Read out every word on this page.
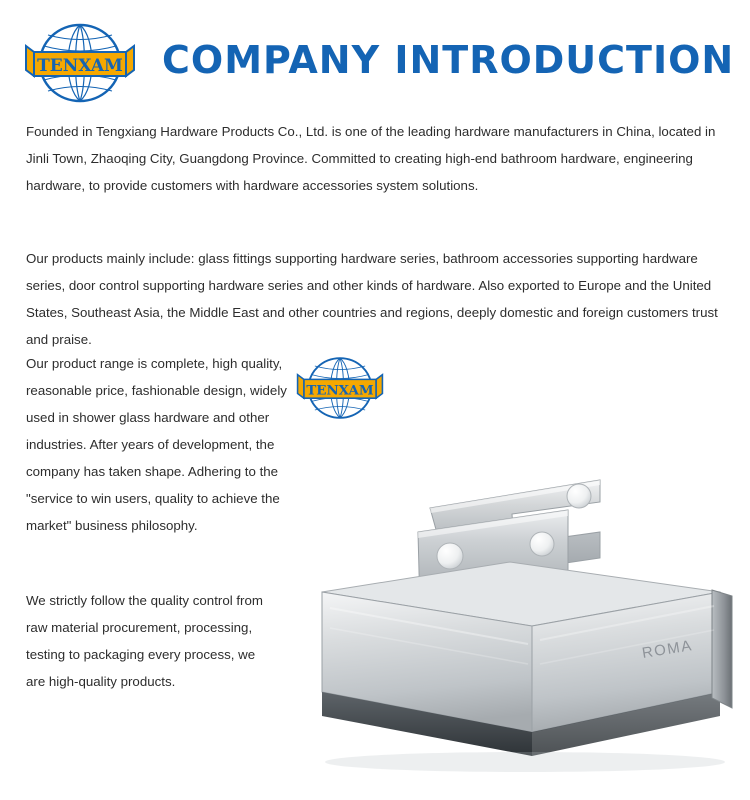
TENXAM COMPANY INTRODUCTION
Founded in Tengxiang Hardware Products Co., Ltd. is one of the leading hardware manufacturers in China, located in Jinli Town, Zhaoqing City, Guangdong Province. Committed to creating high-end bathroom hardware, engineering hardware, to provide customers with hardware accessories system solutions.
Our products mainly include: glass fittings supporting hardware series, bathroom accessories supporting hardware series, door control supporting hardware series and other kinds of hardware. Also exported to Europe and the United States, Southeast Asia, the Middle East and other countries and regions, deeply domestic and foreign customers trust and praise.
Our product range is complete, high quality, reasonable price, fashionable design, widely used in shower glass hardware and other industries. After years of development, the company has taken shape. Adhering to the "service to win users, quality to achieve the market" business philosophy.
We strictly follow the quality control from raw material procurement, processing, testing to packaging every process, we are high-quality products.
TENXAM
ROMA
